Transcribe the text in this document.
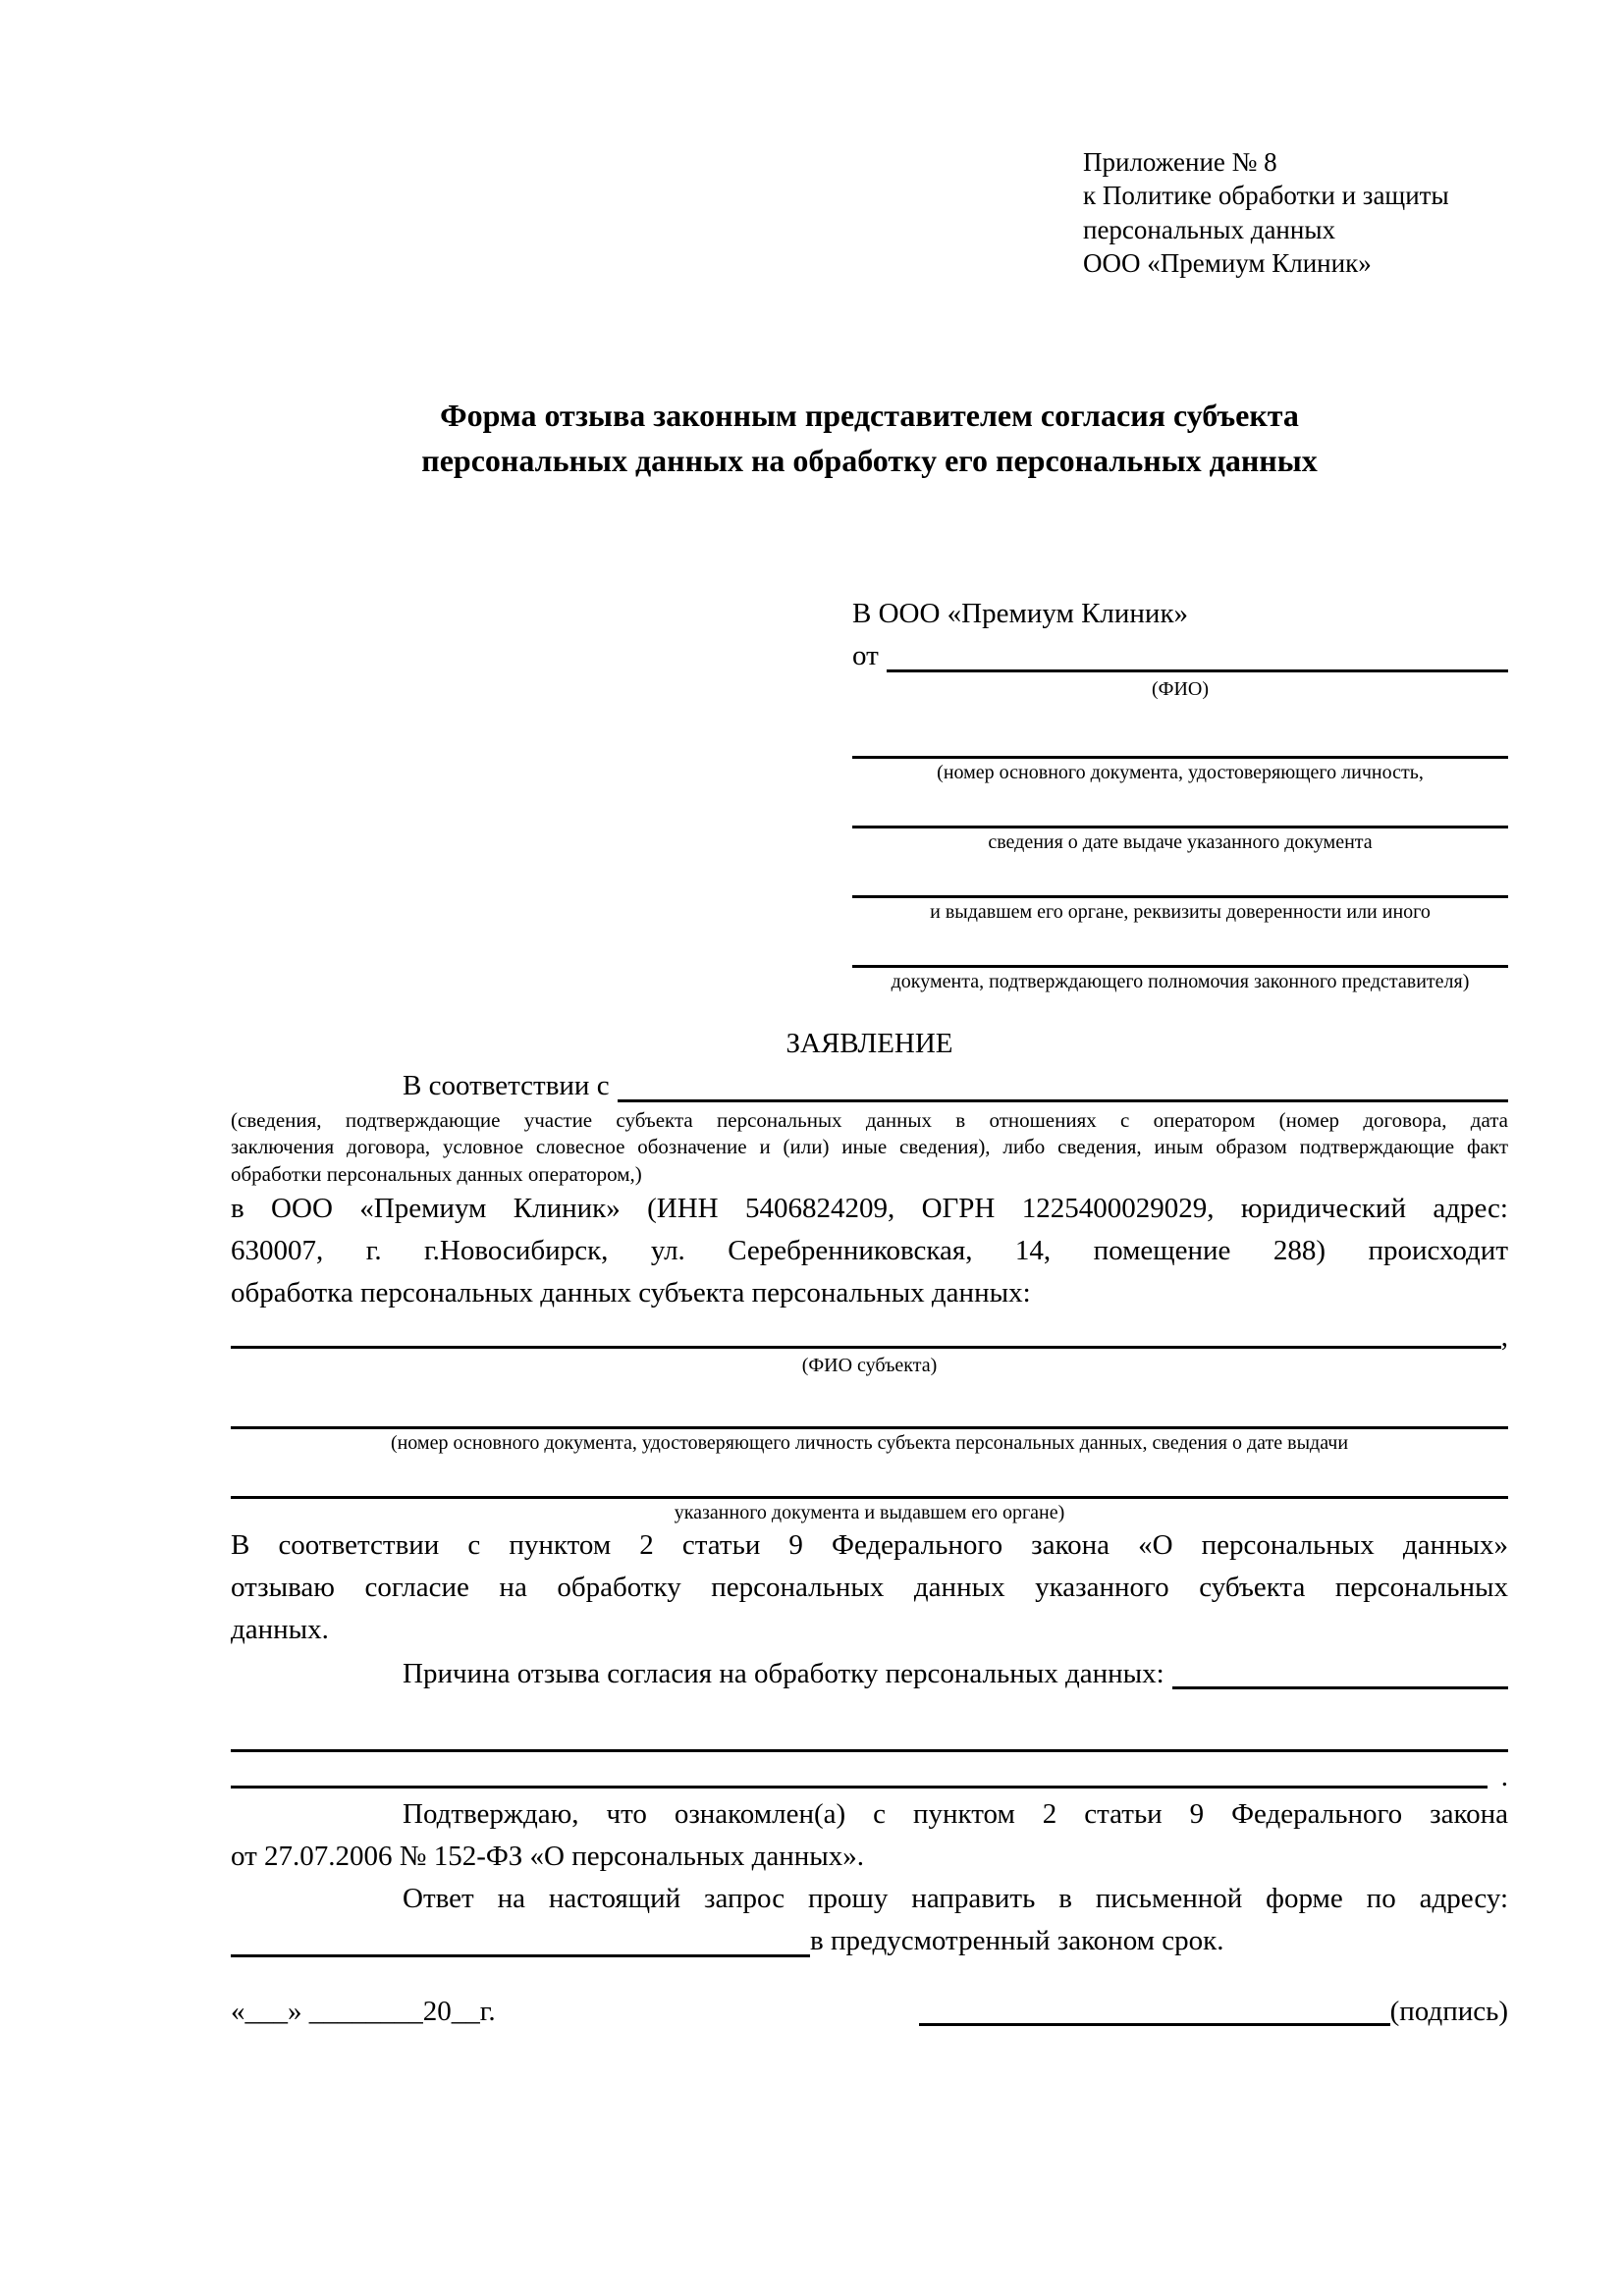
Приложение № 8
к Политике обработки и защиты
персональных данных
ООО «Премиум Клиник»
Форма отзыва законным представителем согласия субъекта
персональных данных на обработку его персональных данных
В ООО «Премиум Клиник»
от
(ФИО)
(номер основного документа, удостоверяющего личность,
сведения о дате выдаче указанного документа
и выдавшем его органе, реквизиты доверенности или иного
документа, подтверждающего полномочия законного представителя)
ЗАЯВЛЕНИЕ
В соответствии с
(сведения, подтверждающие участие субъекта персональных данных в отношениях с оператором (номер договора, дата
заключения договора, условное словесное обозначение и (или) иные сведения), либо сведения, иным образом подтверждающие факт
обработки персональных данных оператором,)
в ООО «Премиум Клиник» (ИНН 5406824209, ОГРН 1225400029029, юридический адрес:
630007, г. г.Новосибирск, ул. Серебренниковская, 14, помещение 288) происходит
обработка персональных данных субъекта персональных данных:
,
(ФИО субъекта)
(номер основного документа, удостоверяющего личность субъекта персональных данных, сведения о дате выдачи
указанного документа и выдавшем его органе)
В соответствии с пунктом 2 статьи 9 Федерального закона «О персональных данных»
отзываю согласие на обработку персональных данных указанного субъекта персональных
данных.
Причина отзыва согласия на обработку персональных данных:
.
Подтверждаю, что ознакомлен(а) с пунктом 2 статьи 9 Федерального закона
от 27.07.2006 № 152-ФЗ «О персональных данных».
Ответ на настоящий запрос прошу направить в письменной форме по адресу:
в предусмотренный законом срок.
«___» ________20__г.	(подпись)
